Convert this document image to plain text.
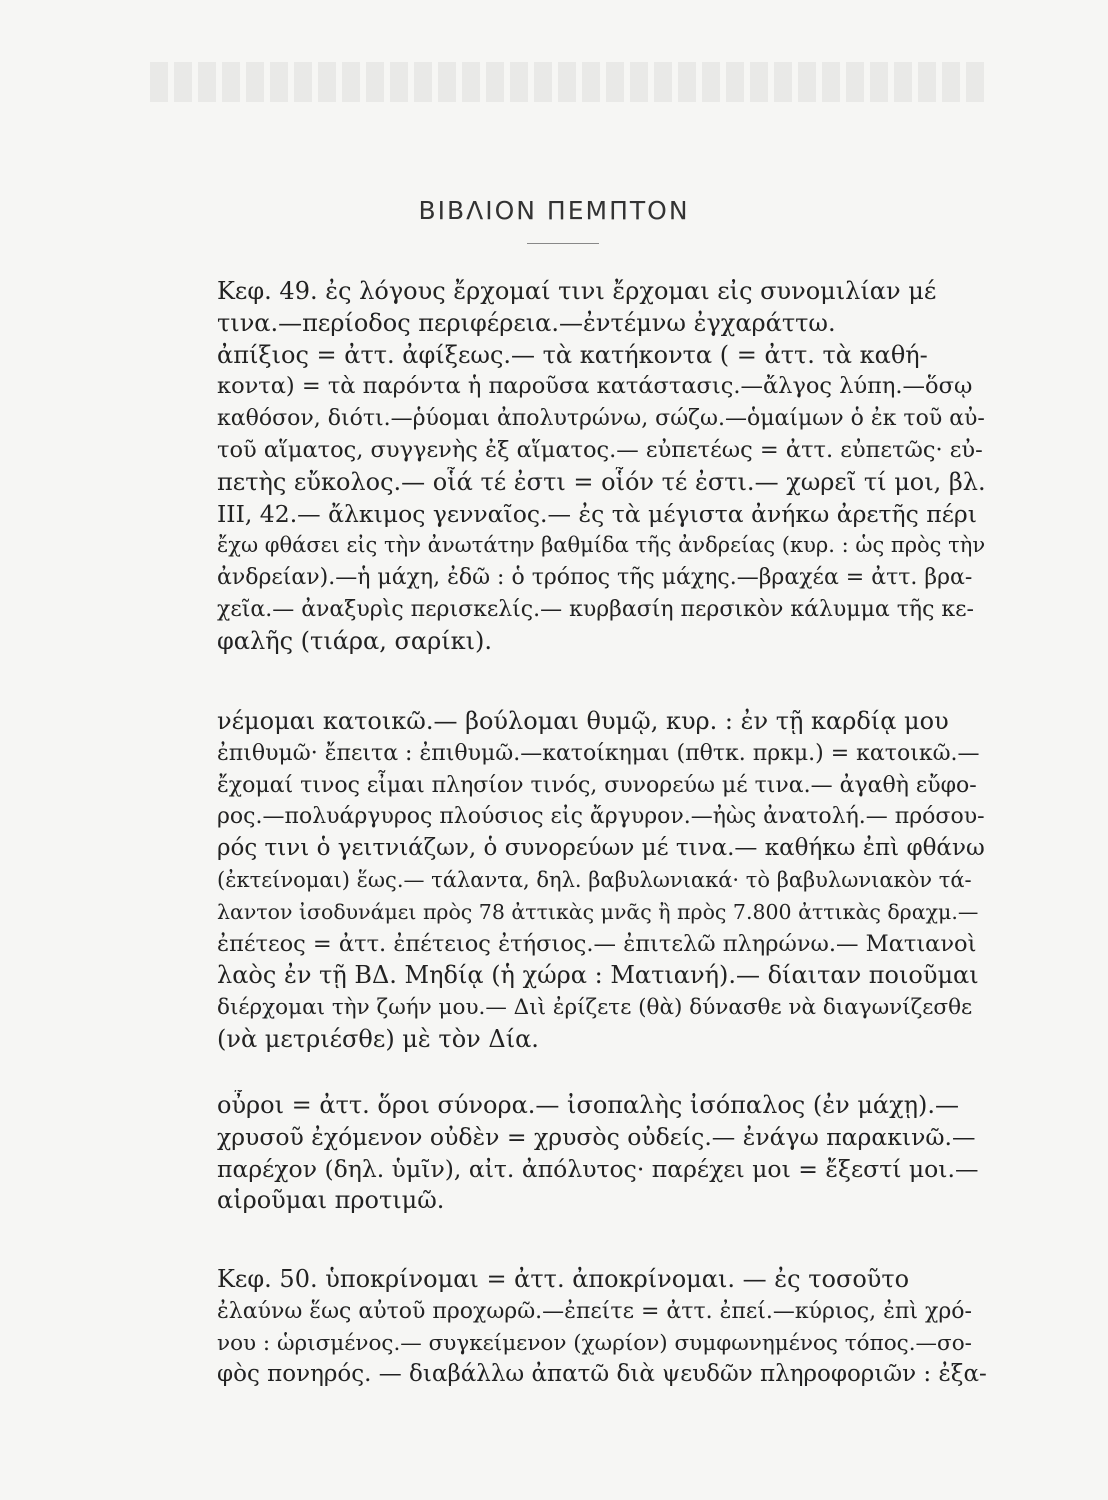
ΒΙΒΛΙΟΝ ΠΕΜΠΤΟΝ
Κεφ. 49. ἐς λόγους ἔρχομαί τινι ἔρχομαι εἰς συνομιλίαν μέ
τινα.—περίοδος περιφέρεια.—ἐντέμνω ἐγχαράττω.
ἀπίξιος = ἀττ. ἀφίξεως.— τὰ κατήκοντα ( = ἀττ. τὰ καθή-
κοντα) = τὰ παρόντα ἡ παροῦσα κατάστασις.—ἄλγος λύπη.—ὅσῳ
καθόσον, διότι.—ῥύομαι ἀπολυτρώνω, σώζω.—ὁμαίμων ὁ ἐκ τοῦ αὐ-
τοῦ αἵματος, συγγενὴς ἐξ αἵματος.— εὐπετέως = ἀττ. εὐπετῶς· εὐ-
πετὴς εὔκολος.— οἷά τέ ἐστι = οἷόν τέ ἐστι.— χωρεῖ τί μοι, βλ.
III, 42.— ἄλκιμος γενναῖος.— ἐς τὰ μέγιστα ἀνήκω ἀρετῆς πέρι
ἔχω φθάσει εἰς τὴν ἀνωτάτην βαθμίδα τῆς ἀνδρείας (κυρ. : ὡς πρὸς τὴν
ἀνδρείαν).—ἡ μάχη, ἐδῶ : ὁ τρόπος τῆς μάχης.—βραχέα = ἀττ. βρα-
χεῖα.— ἀναξυρὶς περισκελίς.— κυρβασίη περσικὸν κάλυμμα τῆς κε-
φαλῆς (τιάρα, σαρίκι).
νέμομαι κατοικῶ.— βούλομαι θυμῷ, κυρ. : ἐν τῇ καρδίᾳ μου
ἐπιθυμῶ· ἔπειτα : ἐπιθυμῶ.—κατοίκημαι (πθτκ. πρκμ.) = κατοικῶ.—
ἔχομαί τινος εἶμαι πλησίον τινός, συνορεύω μέ τινα.— ἀγαθὴ εὔφο-
ρος.—πολυάργυρος πλούσιος εἰς ἄργυρον.—ἠὼς ἀνατολή.— πρόσου-
ρός τινι ὁ γειτνιάζων, ὁ συνορεύων μέ τινα.— καθήκω ἐπὶ φθάνω
(ἐκτείνομαι) ἕως.— τάλαντα, δηλ. βαβυλωνιακά· τὸ βαβυλωνιακὸν τά-
λαντον ἰσοδυνάμει πρὸς 78 ἀττικὰς μνᾶς ἢ πρὸς 7.800 ἀττικὰς δραχμ.—
ἐπέτεος = ἀττ. ἐπέτειος ἐτήσιος.— ἐπιτελῶ πληρώνω.— Ματιανοὶ
λαὸς ἐν τῇ ΒΔ. Μηδίᾳ (ἡ χώρα : Ματιανή).— δίαιταν ποιοῦμαι
διέρχομαι τὴν ζωήν μου.— Διὶ ἐρίζετε (θὰ) δύνασθε νὰ διαγωνίζεσθε
(νὰ μετριέσθε) μὲ τὸν Δία.
οὖροι = ἀττ. ὅροι σύνορα.— ἰσοπαλὴς ἰσόπαλος (ἐν μάχῃ).—
χρυσοῦ ἐχόμενον οὐδὲν = χρυσὸς οὐδείς.— ἐνάγω παρακινῶ.—
παρέχον (δηλ. ὑμῖν), αἰτ. ἀπόλυτος· παρέχει μοι = ἔξεστί μοι.—
αἱροῦμαι προτιμῶ.
Κεφ. 50. ὑποκρίνομαι = ἀττ. ἀποκρίνομαι. — ἐς τοσοῦτο
ἐλαύνω ἕως αὐτοῦ προχωρῶ.—ἐπείτε = ἀττ. ἐπεί.—κύριος, ἐπὶ χρό-
νου : ὡρισμένος.— συγκείμενον (χωρίον) συμφωνημένος τόπος.—σο-
φὸς πονηρός. — διαβάλλω ἀπατῶ διὰ ψευδῶν πληροφοριῶν : ἐξα-
